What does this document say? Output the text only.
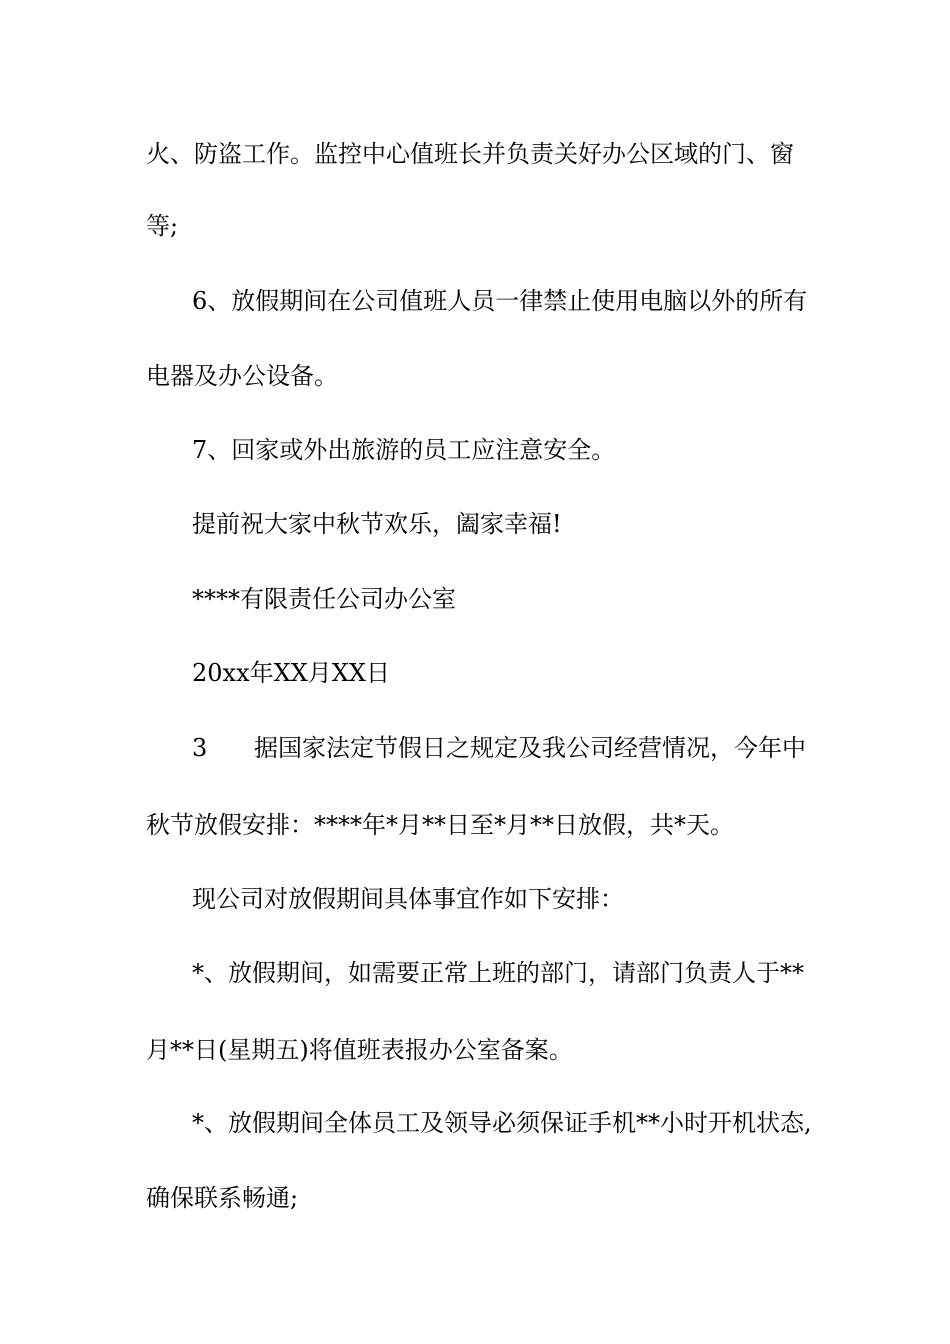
火、防盗工作。监控中心值班长并负责关好办公区域的门、窗
等;
6、放假期间在公司值班人员一律禁止使用电脑以外的所有
电器及办公设备。
7、回家或外出旅游的员工应注意安全。
提前祝大家中秋节欢乐，阖家幸福!
****有限责任公司办公室
20xx年XX月XX日
3 据国家法定节假日之规定及我公司经营情况，今年中
秋节放假安排：****年*月**日至*月**日放假，共*天。
现公司对放假期间具体事宜作如下安排：
*、放假期间，如需要正常上班的部门，请部门负责人于**
月**日(星期五)将值班表报办公室备案。
*、放假期间全体员工及领导必须保证手机**小时开机状态,
确保联系畅通;
